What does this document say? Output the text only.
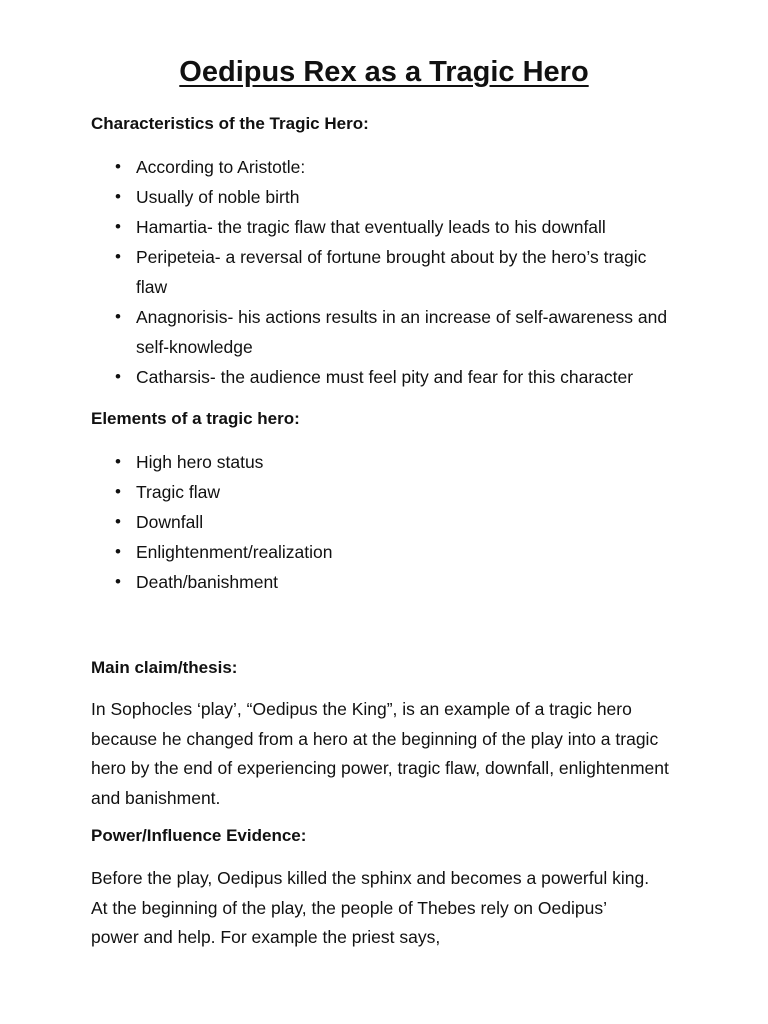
Oedipus Rex as a Tragic Hero
Characteristics of the Tragic Hero:
• According to Aristotle:
• Usually of noble birth
• Hamartia- the tragic flaw that eventually leads to his downfall
• Peripeteia- a reversal of fortune brought about by the hero’s tragic flaw
• Anagnorisis- his actions results in an increase of self-awareness and self-knowledge
• Catharsis- the audience must feel pity and fear for this character
Elements of a tragic hero:
• High hero status
• Tragic flaw
• Downfall
• Enlightenment/realization
• Death/banishment
Main claim/thesis:

In Sophocles ‘play’, “Oedipus the King”, is an example of a tragic hero because he changed from a hero at the beginning of the play into a tragic hero by the end of experiencing power, tragic flaw, downfall, enlightenment and banishment.

Power/Influence Evidence:

Before the play, Oedipus killed the sphinx and becomes a powerful king. At the beginning of the play, the people of Thebes rely on Oedipus’ power and help. For example the priest says,
